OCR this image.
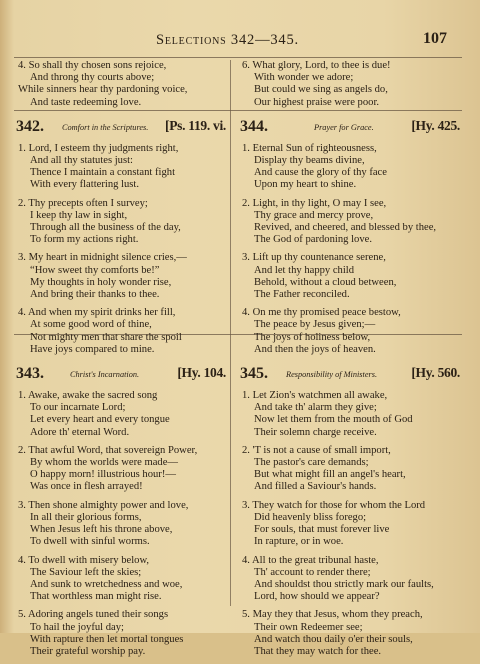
Selections 342—345.	107
4. So shall thy chosen sons rejoice,
And throng thy courts above;
While sinners hear thy pardoning voice,
And taste redeeming love.
342. Comfort in the Scriptures. [Ps. 119. vi.
1. Lord, I esteem thy judgments right,
And all thy statutes just:
Thence I maintain a constant fight
With every flattering lust.
2. Thy precepts often I survey;
I keep thy law in sight,
Through all the business of the day,
To form my actions right.
3. My heart in midnight silence cries,—
“How sweet thy comforts be!”
My thoughts in holy wonder rise,
And bring their thanks to thee.
4. And when my spirit drinks her fill,
At some good word of thine,
Not mighty men that share the spoil
Have joys compared to mine.
343.	Christ's Incarnation.	[Hy. 104.
1. Awake, awake the sacred song
To our incarnate Lord;
Let every heart and every tongue
Adore th' eternal Word.
2. That awful Word, that sovereign Power,
By whom the worlds were made—
O happy morn! illustrious hour!—
Was once in flesh arrayed!
3. Then shone almighty power and love,
In all their glorious forms,
When Jesus left his throne above,
To dwell with sinful worms.
4. To dwell with misery below,
The Saviour left the skies;
And sunk to wretchedness and woe,
That worthless man might rise.
5. Adoring angels tuned their songs
To hail the joyful day;
With rapture then let mortal tongues
Their grateful worship pay.
6. What glory, Lord, to thee is due!
With wonder we adore;
But could we sing as angels do,
Our highest praise were poor.
344.	Prayer for Grace.	[Hy. 425.
1. Eternal Sun of righteousness,
Display thy beams divine,
And cause the glory of thy face
Upon my heart to shine.
2. Light, in thy light, O may I see,
Thy grace and mercy prove,
Revived, and cheered, and blessed by thee,
The God of pardoning love.
3. Lift up thy countenance serene,
And let thy happy child
Behold, without a cloud between,
The Father reconciled.
4. On me thy promised peace bestow,
The peace by Jesus given;—
The joys of holiness below,
And then the joys of heaven.
345. Responsibility of Ministers.	[Hy. 560.
1. Let Zion's watchmen all awake,
And take th' alarm they give;
Now let them from the mouth of God
Their solemn charge receive.
2. 'T is not a cause of small import,
The pastor's care demands;
But what might fill an angel's heart,
And filled a Saviour's hands.
3. They watch for those for whom the Lord
Did heavenly bliss forego;
For souls, that must forever live
In rapture, or in woe.
4. All to the great tribunal haste,
Th' account to render there;
And shouldst thou strictly mark our faults,
Lord, how should we appear?
5. May they that Jesus, whom they preach,
Their own Redeemer see;
And watch thou daily o'er their souls,
That they may watch for thee.
